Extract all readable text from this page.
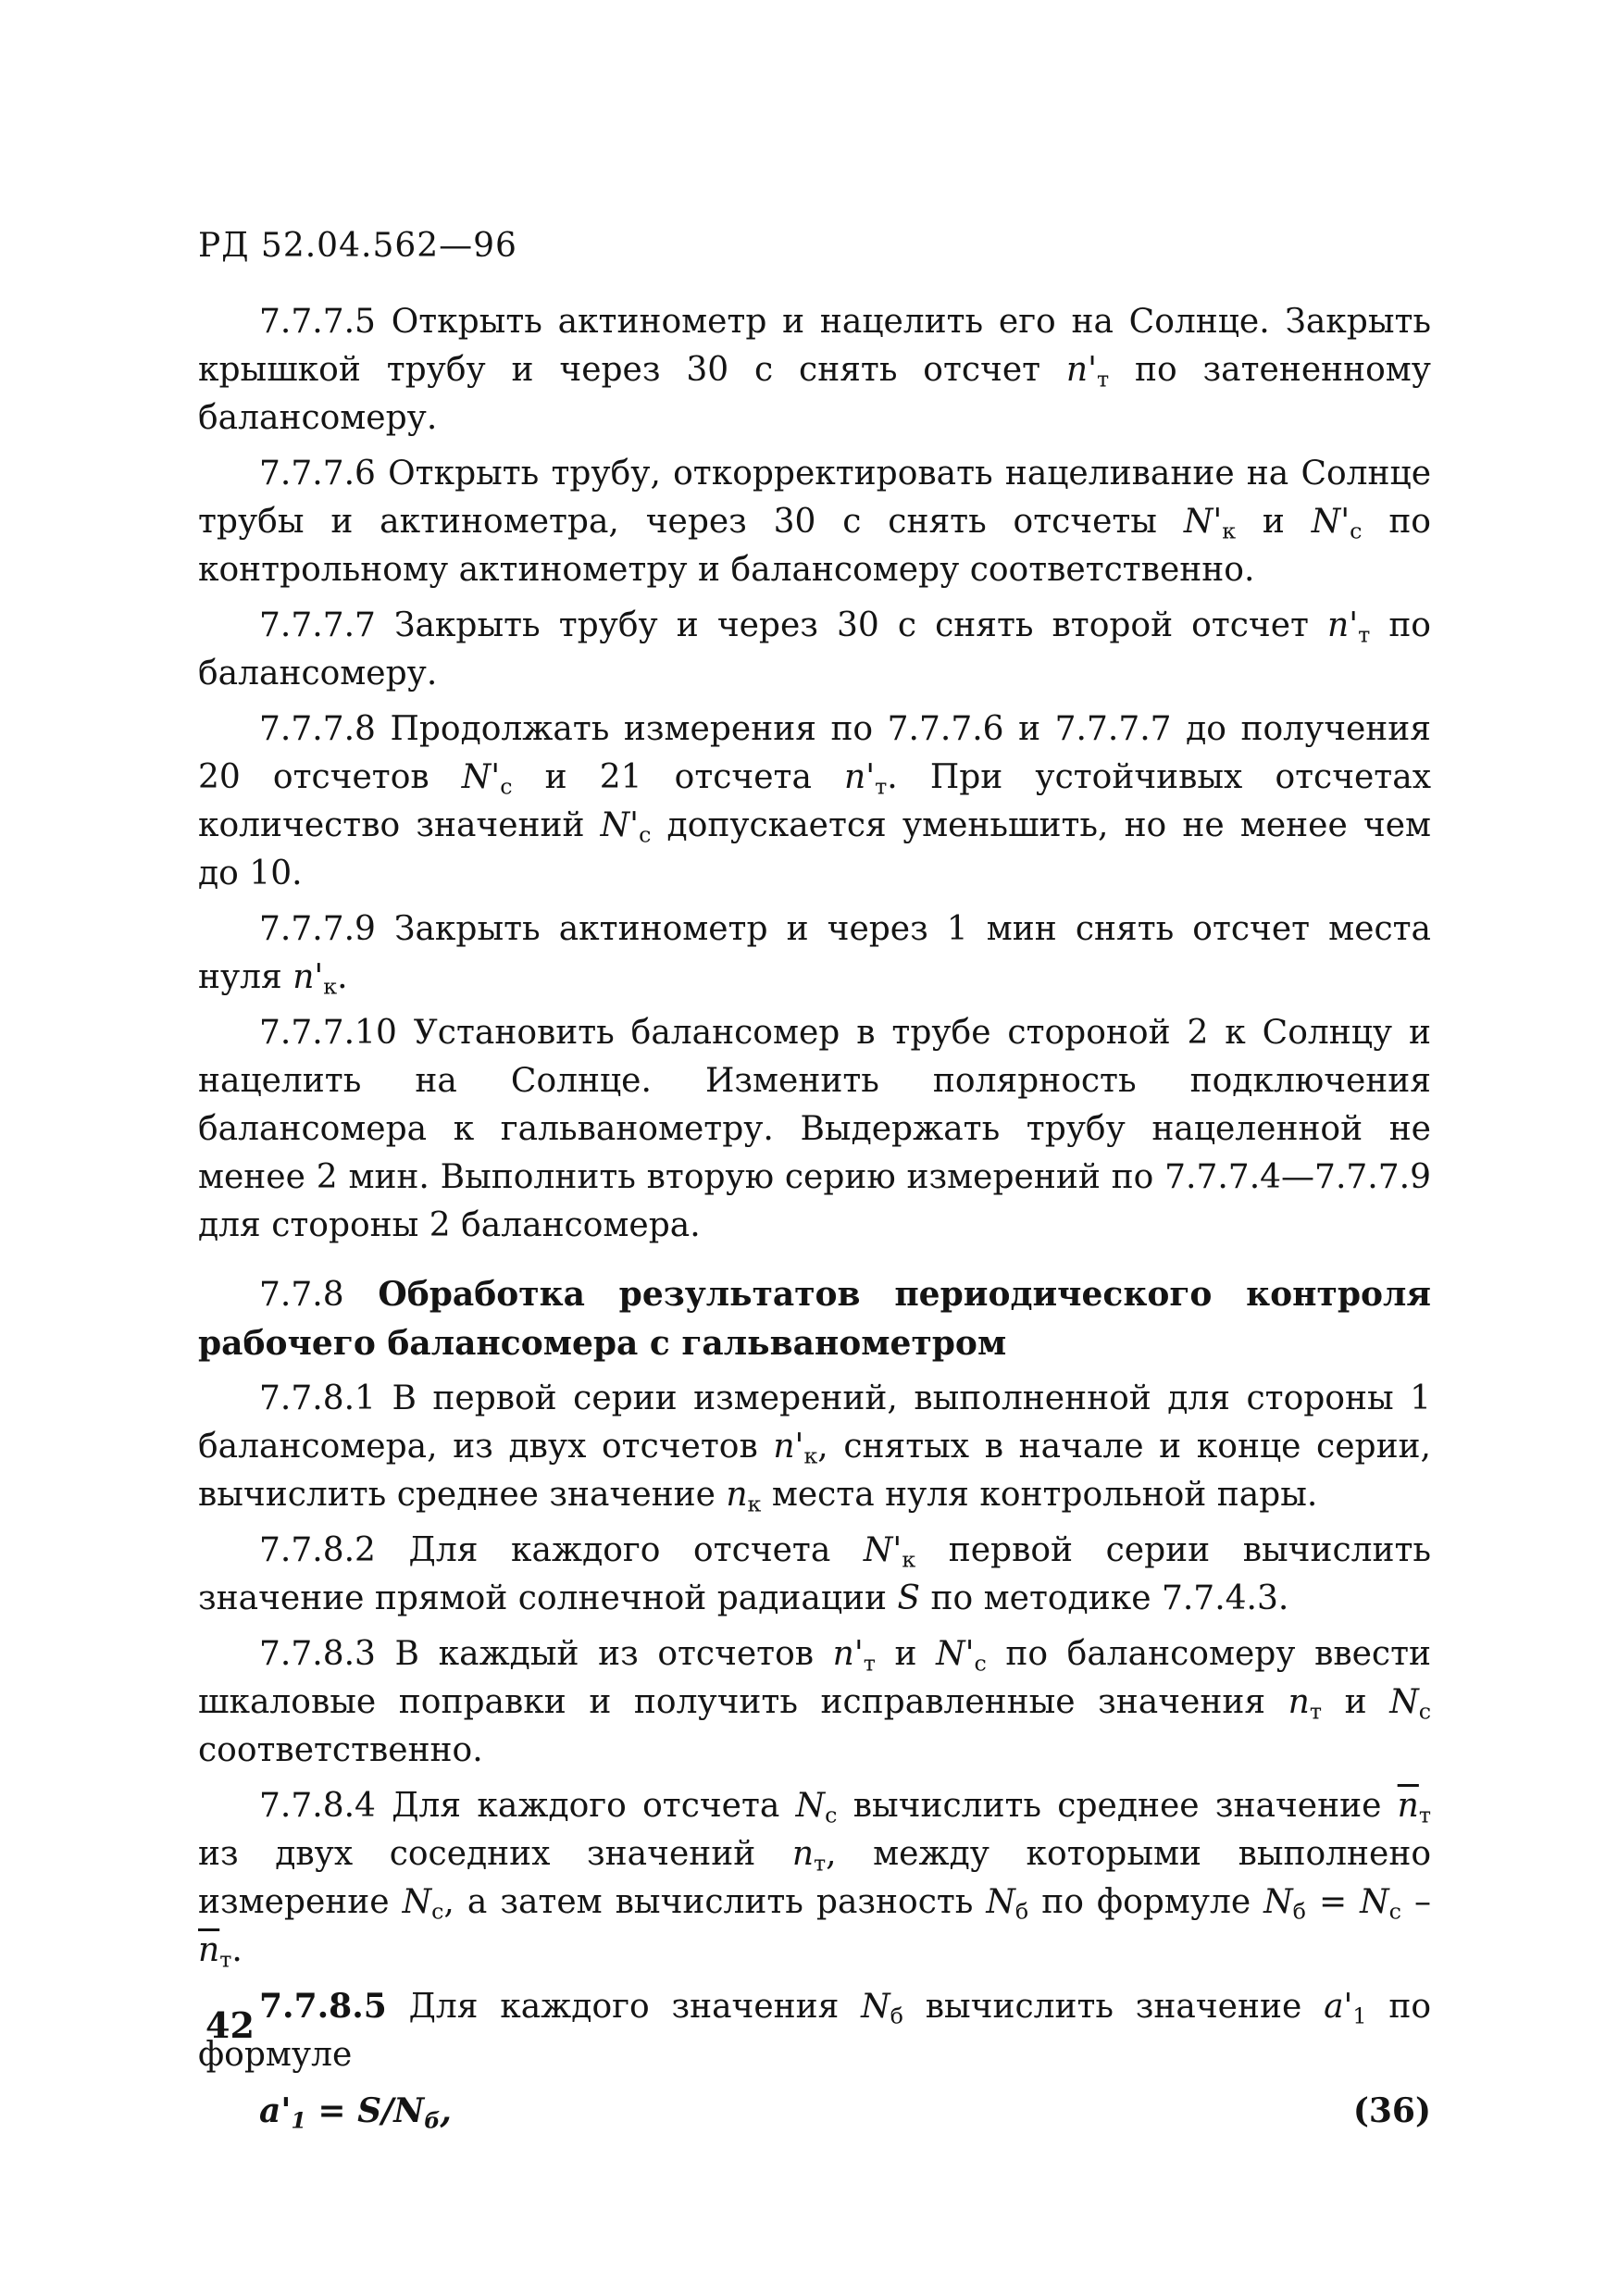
РД 52.04.562—96

7.7.7.5 Открыть актинометр и нацелить его на Солнце. Закрыть крышкой трубу и через 30 с снять отсчет $n'_т$ по затененному балансомеру.

7.7.7.6 Открыть трубу, откорректировать нацеливание на Солнце трубы и актинометра, через 30 с снять отсчеты $N'_к$ и $N'_с$ по контрольному актинометру и балансомеру соответственно.

7.7.7.7 Закрыть трубу и через 30 с снять второй отсчет $n'_т$ по балансомеру.

7.7.7.8 Продолжать измерения по 7.7.7.6 и 7.7.7.7 до получения 20 отсчетов $N'_с$ и 21 отсчета $n'_т$. При устойчивых отсчетах количество значений $N'_с$ допускается уменьшить, но не менее чем до 10.

7.7.7.9 Закрыть актинометр и через 1 мин снять отсчет места нуля $n'_к$.

7.7.7.10 Установить балансомер в трубе стороной 2 к Солнцу и нацелить на Солнце. Изменить полярность подключения балансомера к гальванометру. Выдержать трубу нацеленной не менее 2 мин. Выполнить вторую серию измерений по 7.7.7.4—7.7.7.9 для стороны 2 балансомера.

7.7.8 Обработка результатов периодического контроля рабочего балансомера с гальванометром

7.7.8.1 В первой серии измерений, выполненной для стороны 1 балансомера, из двух отсчетов $n'_к$, снятых в начале и конце серии, вычислить среднее значение $n_к$ места нуля контрольной пары.

7.7.8.2 Для каждого отсчета $N'_к$ первой серии вычислить значение прямой солнечной радиации S по методике 7.7.4.3.

7.7.8.3 В каждый из отсчетов $n'_т$ и $N'_с$ по балансомеру ввести шкаловые поправки и получить исправленные значения $n_т$ и $N_с$ соответственно.

7.7.8.4 Для каждого отсчета $N_с$ вычислить среднее значение $\overline{n}_т$ из двух соседних значений $n_т$, между которыми выполнено измерение $N_с$, а затем вычислить разность $N_б$ по формуле $N_б = N_с - \overline{n}_т$.

7.7.8.5 Для каждого значения $N_б$ вычислить значение $a'_1$ по формуле

$a'_1 = S/N_б$,	(36)
42
